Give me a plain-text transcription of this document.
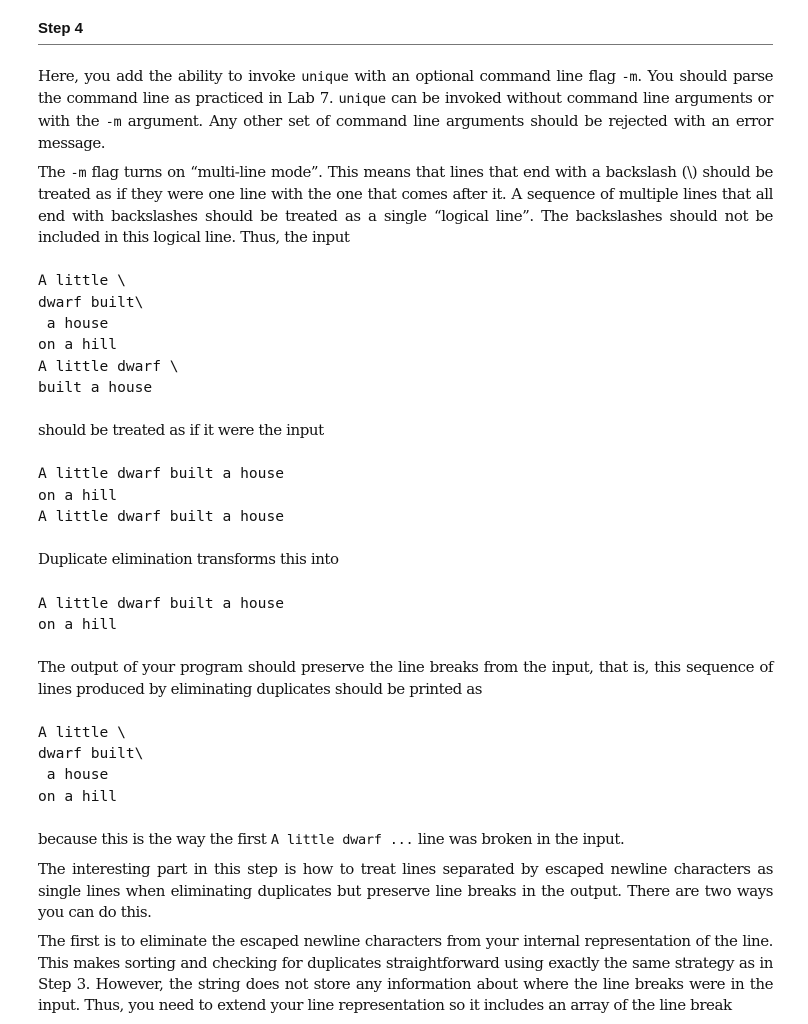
Step 4

Here, you add the ability to invoke unique with an optional command line flag -m. You should parse the command line as practiced in Lab 7. unique can be invoked without command line arguments or with the -m argument. Any other set of command line arguments should be rejected with an error message.

The -m flag turns on “multi-line mode”. This means that lines that end with a backslash (\) should be treated as if they were one line with the one that comes after it. A sequence of multiple lines that all end with backslashes should be treated as a single “logical line”. The backslashes should not be included in this logical line. Thus, the input

A little \
dwarf built\
a house
on a hill
A little dwarf \
built a house

should be treated as if it were the input

A little dwarf built a house
on a hill
A little dwarf built a house

Duplicate elimination transforms this into

A little dwarf built a house
on a hill

The output of your program should preserve the line breaks from the input, that is, this sequence of lines produced by eliminating duplicates should be printed as

A little \
dwarf built\
a house
on a hill

because this is the way the first A little dwarf ... line was broken in the input.

The interesting part in this step is how to treat lines separated by escaped newline characters as single lines when eliminating duplicates but preserve line breaks in the output. There are two ways you can do this.

The first is to eliminate the escaped newline characters from your internal representation of the line. This makes sorting and checking for duplicates straightforward using exactly the same strategy as in Step 3. However, the string does not store any information about where the line breaks were in the input. Thus, you need to extend your line representation so it includes an array of the line break
